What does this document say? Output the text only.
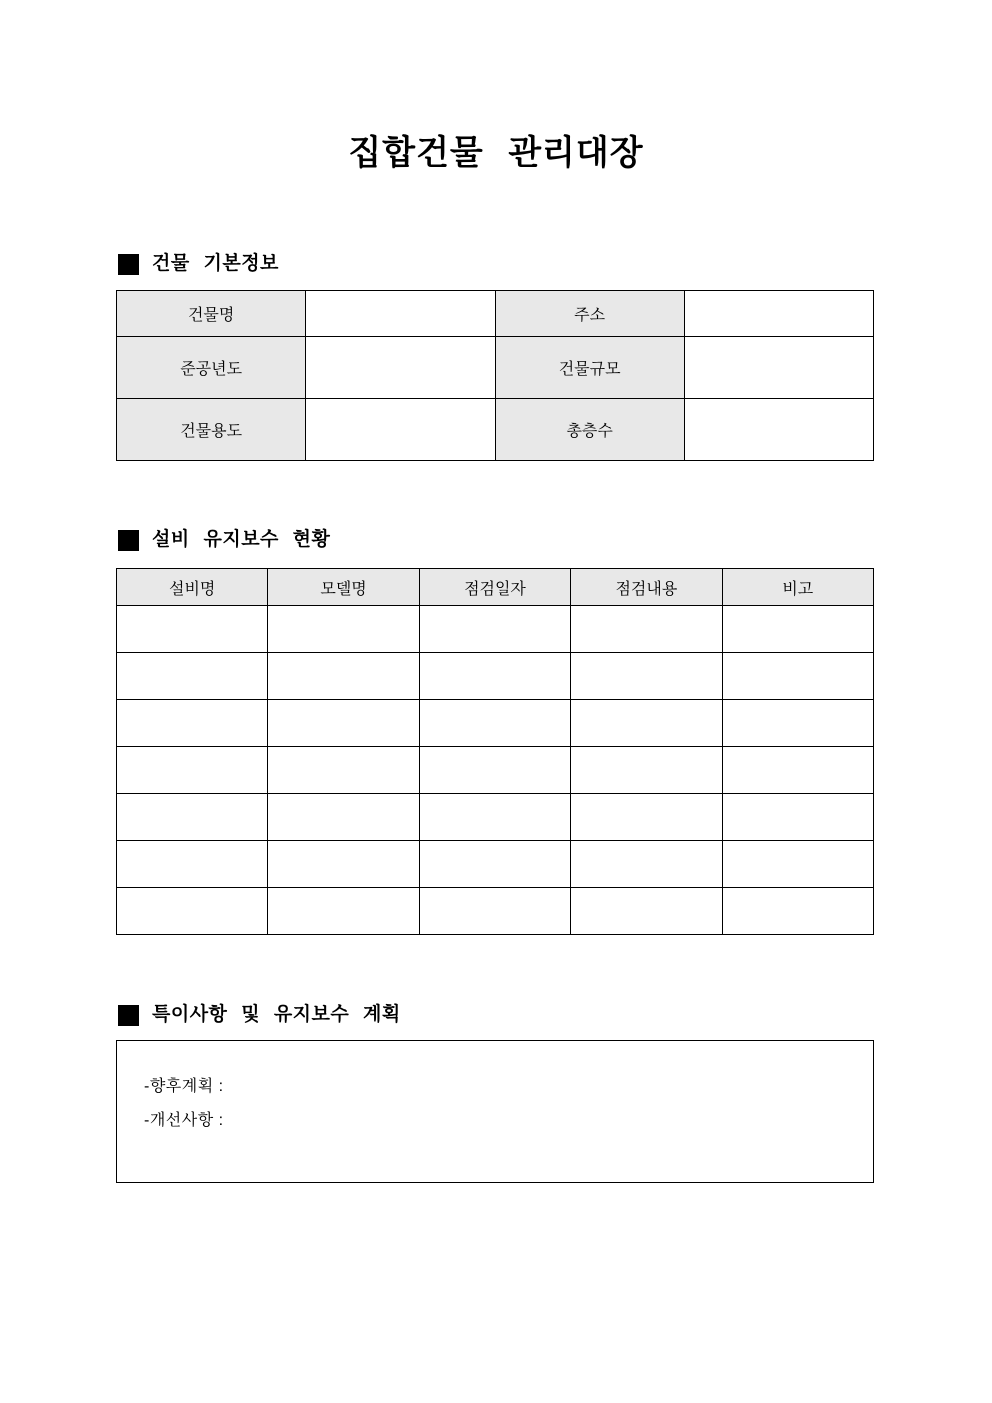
집합건물 관리대장
건물 기본정보
건물명		주소	
준공년도		건물규모	
건물용도		총층수	
설비 유지보수 현황
설비명	모델명	점검일자	점검내용	비고

특이사항 및 유지보수 계획
-향후계획 :
-개선사항 :
